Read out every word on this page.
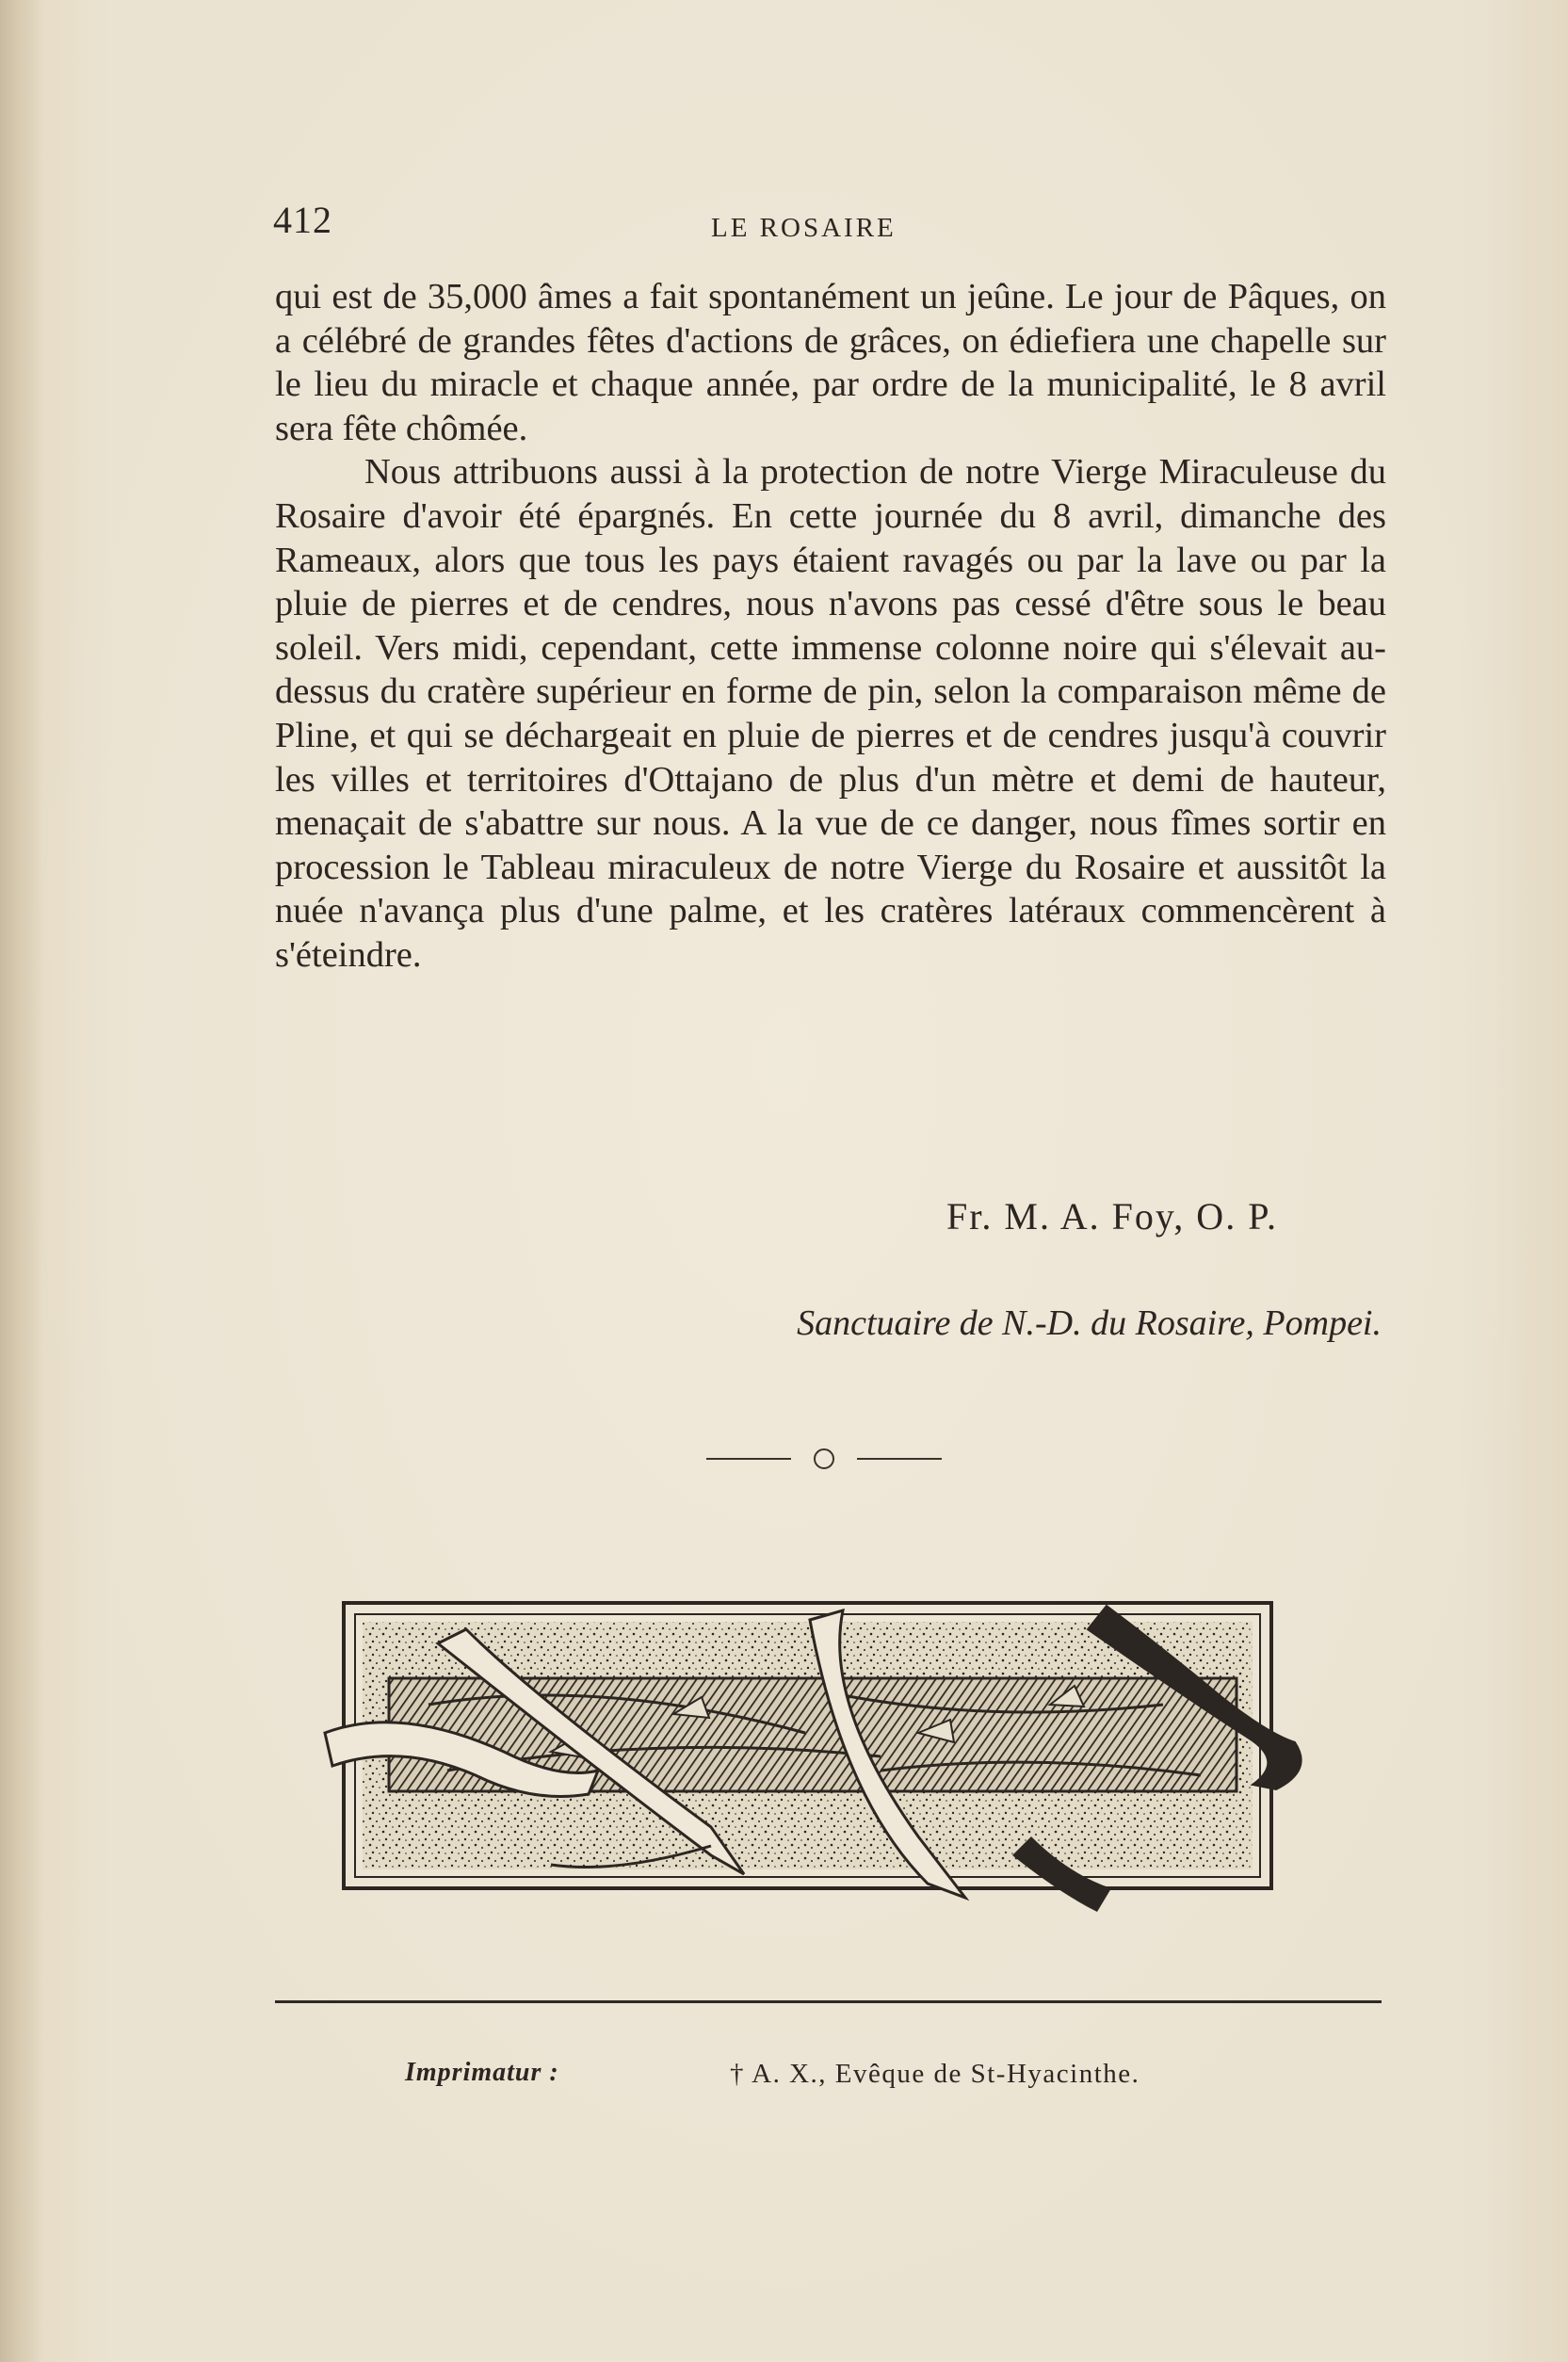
412	LE ROSAIRE

qui est de 35,000 âmes a fait spontanément un jeûne. Le jour de Pâques, on a célébré de grandes fêtes d'actions de grâces, on édiefiera une chapelle sur le lieu du miracle et chaque année, par ordre de la municipalité, le 8 avril sera fête chômée.

Nous attribuons aussi à la protection de notre Vierge Miraculeuse du Rosaire d'avoir été épargnés. En cette journée du 8 avril, dimanche des Rameaux, alors que tous les pays étaient ravagés ou par la lave ou par la pluie de pierres et de cendres, nous n'avons pas cessé d'être sous le beau soleil. Vers midi, cependant, cette immense colonne noire qui s'élevait au-dessus du cratère supérieur en forme de pin, selon la comparaison même de Pline, et qui se déchargeait en pluie de pierres et de cendres jusqu'à couvrir les villes et territoires d'Ottajano de plus d'un mètre et demi de hauteur, menaçait de s'abattre sur nous. A la vue de ce danger, nous fîmes sortir en procession le Tableau miraculeux de notre Vierge du Rosaire et aussitôt la nuée n'avança plus d'une palme, et les cratères latéraux commencèrent à s'éteindre.

Fr. M. A. Foy, O. P.
Sanctuaire de N.-D. du Rosaire, Pompei.
Imprimatur :	† A. X., Evêque de St-Hyacinthe.
